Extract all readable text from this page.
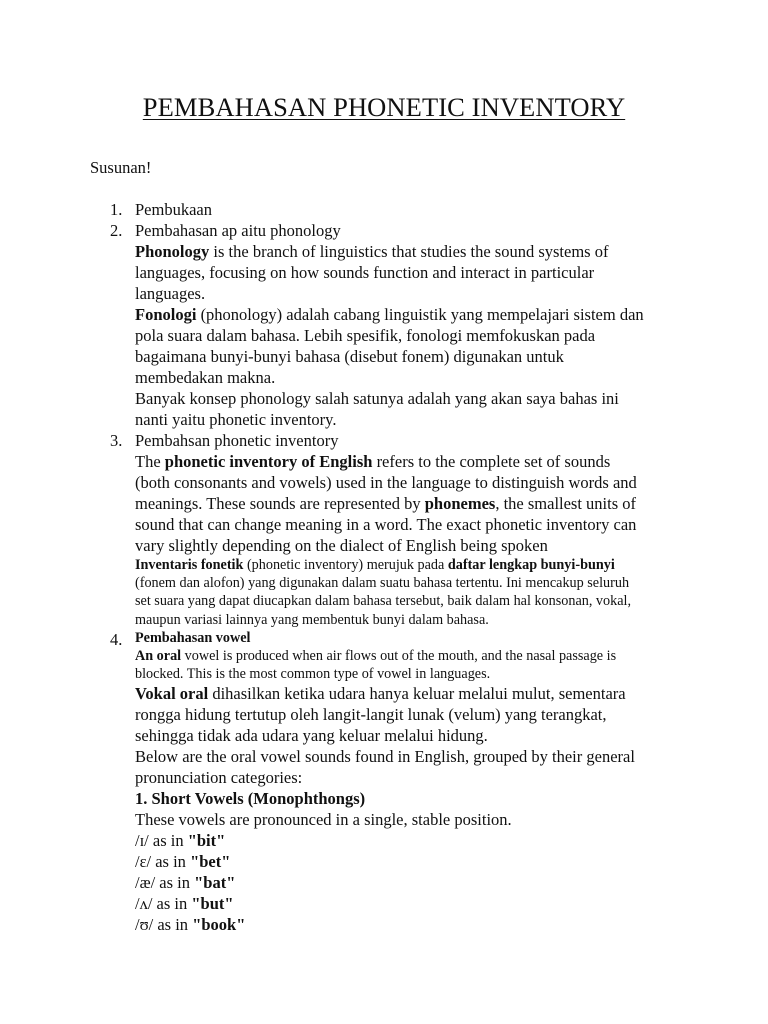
PEMBAHASAN PHONETIC INVENTORY
Susunan!
1. Pembukaan
2. Pembahasan ap aitu phonology
Phonology is the branch of linguistics that studies the sound systems of
languages, focusing on how sounds function and interact in particular
languages.
Fonologi (phonology) adalah cabang linguistik yang mempelajari sistem dan
pola suara dalam bahasa. Lebih spesifik, fonologi memfokuskan pada
bagaimana bunyi-bunyi bahasa (disebut fonem) digunakan untuk
membedakan makna.
Banyak konsep phonology salah satunya adalah yang akan saya bahas ini
nanti yaitu phonetic inventory.
3. Pembahsan phonetic inventory
The phonetic inventory of English refers to the complete set of sounds
(both consonants and vowels) used in the language to distinguish words and
meanings. These sounds are represented by phonemes, the smallest units of
sound that can change meaning in a word. The exact phonetic inventory can
vary slightly depending on the dialect of English being spoken
Inventaris fonetik (phonetic inventory) merujuk pada daftar lengkap bunyi-bunyi
(fonem dan alofon) yang digunakan dalam suatu bahasa tertentu. Ini mencakup seluruh
set suara yang dapat diucapkan dalam bahasa tersebut, baik dalam hal konsonan, vokal,
maupun variasi lainnya yang membentuk bunyi dalam bahasa.
4. Pembahasan vowel
An oral vowel is produced when air flows out of the mouth, and the nasal passage is
blocked. This is the most common type of vowel in languages.
Vokal oral dihasilkan ketika udara hanya keluar melalui mulut, sementara
rongga hidung tertutup oleh langit-langit lunak (velum) yang terangkat,
sehingga tidak ada udara yang keluar melalui hidung.
Below are the oral vowel sounds found in English, grouped by their general
pronunciation categories:
1. Short Vowels (Monophthongs)
These vowels are pronounced in a single, stable position.
/ɪ/ as in "bit"
/ɛ/ as in "bet"
/æ/ as in "bat"
/ʌ/ as in "but"
/ʊ/ as in "book"
